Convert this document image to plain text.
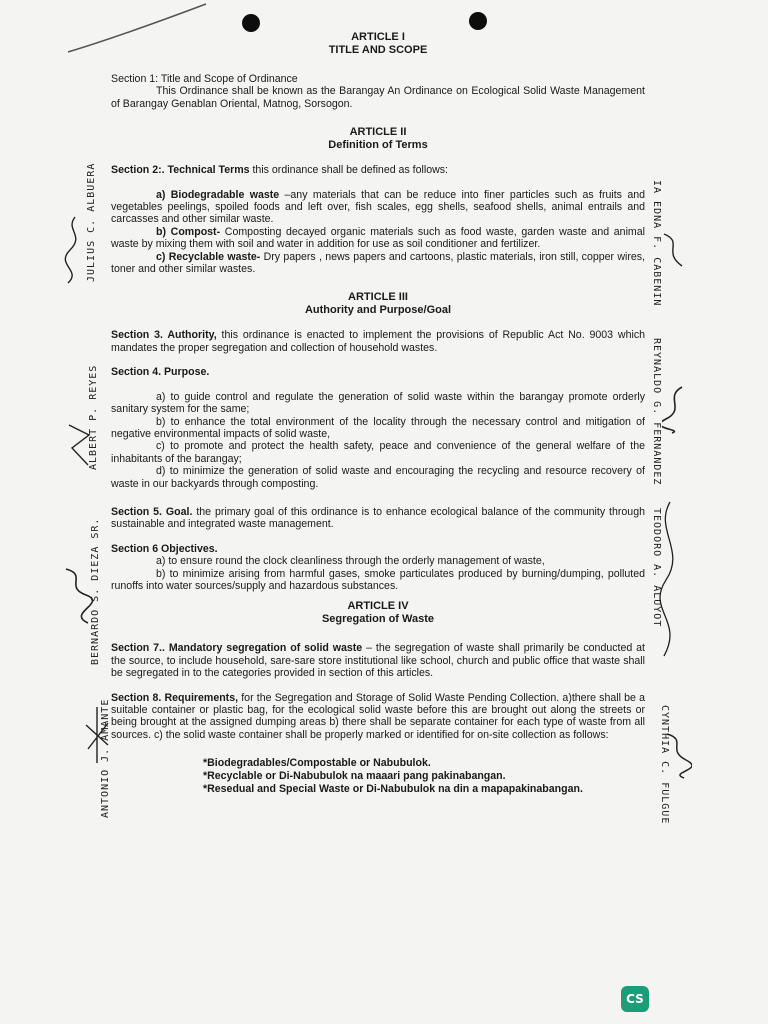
ARTICLE I
TITLE AND SCOPE

Section 1: Title and Scope of Ordinance

This Ordinance shall be known as the Barangay An Ordinance on Ecological Solid Waste Management of Barangay Genablan Oriental, Matnog, Sorsogon.

ARTICLE II
Definition of Terms

Section 2:. Technical Terms this ordinance shall be defined as follows:

a) Biodegradable waste –any materials that can be reduce into finer particles such as fruits and vegetables peelings, spoiled foods and left over, fish scales, egg shells, seafood shells, animal entrails and carcasses and other similar waste.

b) Compost- Composting decayed organic materials such as food waste, garden waste and animal waste by mixing them with soil and water in addition for use as soil conditioner and fertilizer.

c) Recyclable waste- Dry papers , news papers and cartoons, plastic materials, iron still, copper wires, toner and other similar wastes.

ARTICLE III
Authority and Purpose/Goal

Section 3. Authority, this ordinance is enacted to implement the provisions of Republic Act No. 9003 which mandates the proper segregation and collection of household wastes.

Section 4. Purpose.

a) to guide control and regulate the generation of solid waste within the barangay promote orderly sanitary system for the same;

b) to enhance the total environment of the locality through the necessary control and mitigation of negative environmental impacts of solid waste,

c) to promote and protect the health safety, peace and convenience of the general welfare of the inhabitants of the barangay;

d) to minimize the generation of solid waste and encouraging the recycling and resource recovery of waste in our backyards through composting.

Section 5. Goal. the primary goal of this ordinance is to enhance ecological balance of the community through sustainable and integrated waste management.

Section 6 Objectives.

a) to ensure round the clock cleanliness through the orderly management of waste,

b) to minimize arising from harmful gases, smoke particulates produced by burning/dumping, polluted runoffs into water sources/supply and hazardous substances.

ARTICLE IV
Segregation of Waste

Section 7.. Mandatory segregation of solid waste – the segregation of waste shall primarily be conducted at the source, to include household, sare-sare store institutional like school, church and public office that waste shall be segregated in to the categories provided in section of this articles.

Section 8. Requirements, for the Segregation and Storage of Solid Waste Pending Collection. a)there shall be a suitable container or plastic bag, for the ecological solid waste before this are brought out along the streets or being brought at the assigned dumping areas b) there shall be separate container for each type of waste from all sources. c) the solid waste container shall be properly marked or identified for on-site collection as follows:

*Biodegradables/Compostable or Nabubulok.
*Recyclable or Di-Nabubulok na maaari pang pakinabangan.
*Resedual and Special Waste or Di-Nabubulok na din a mapapakinabangan.
JULIUS C. ALBUERA
ALBERT P. REYES
BERNARDO S. DIEZA SR.
ANTONIO J. AMANTE
IA EDNA F. CABENIN
REYNALDO G. FERNANDEZ
TEODORO A. ALUYOT
CYNTHIA C. FULGUE
CS
